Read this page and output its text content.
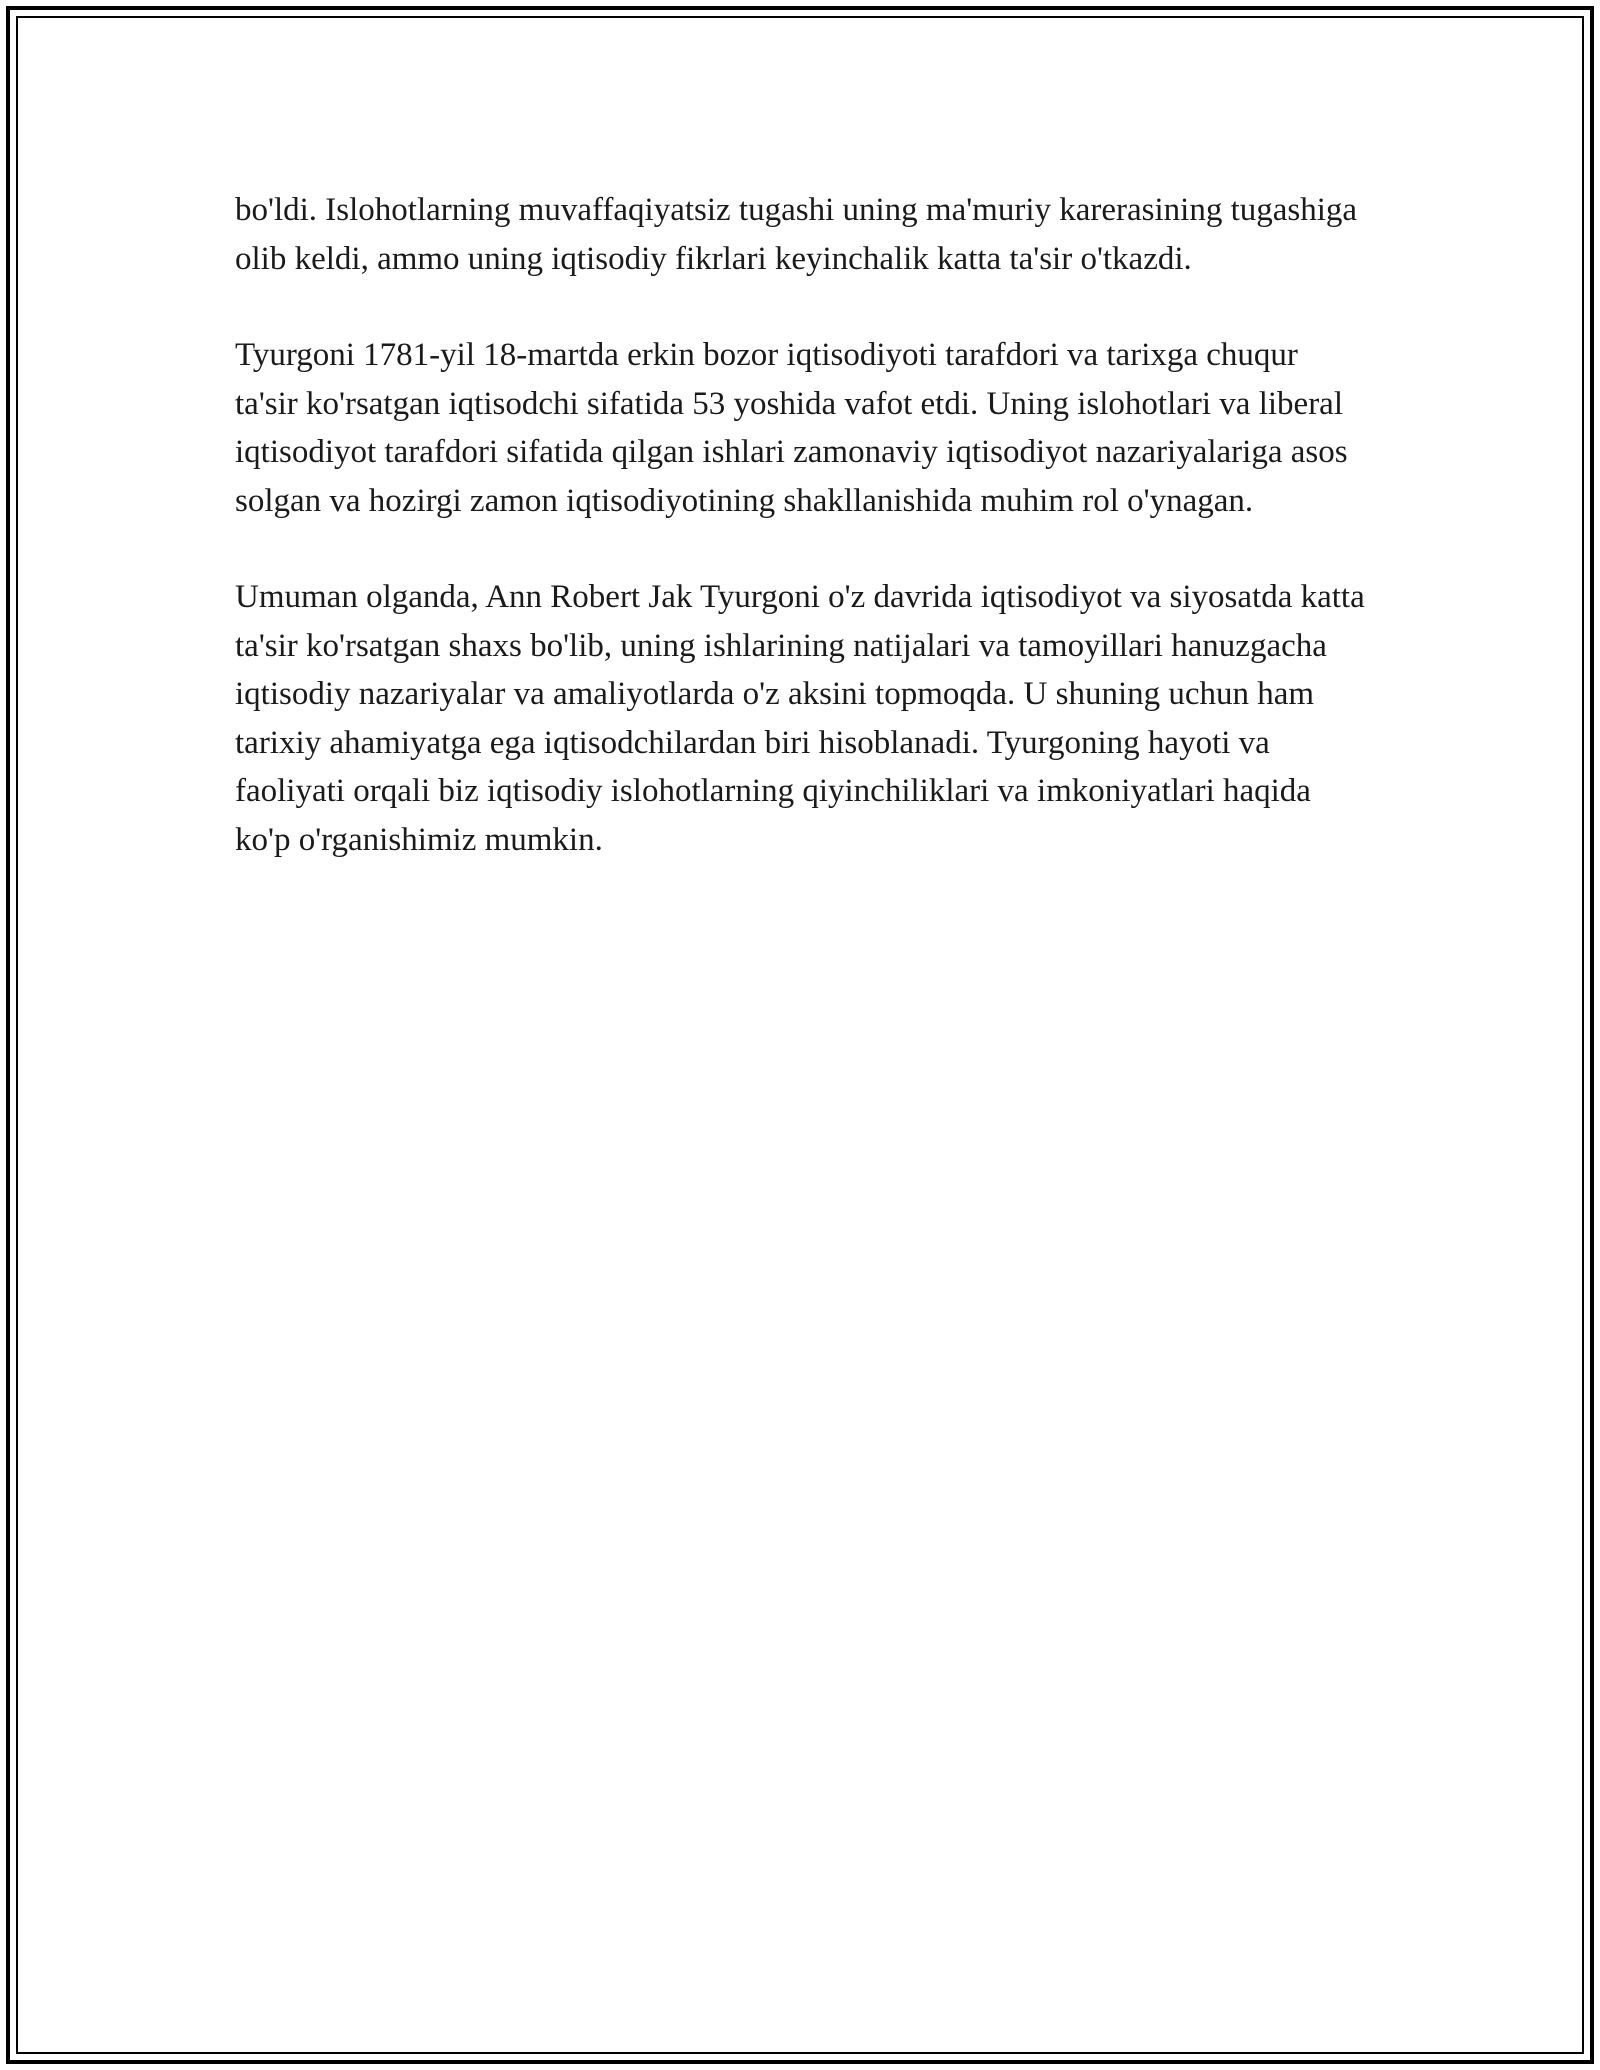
bo'ldi. Islohotlarning muvaffaqiyatsiz tugashi uning ma'muriy karerasining tugashiga olib keldi, ammo uning iqtisodiy fikrlari keyinchalik katta ta'sir o'tkazdi.

Tyurgoni 1781-yil 18-martda erkin bozor iqtisodiyoti tarafdori va tarixga chuqur ta'sir ko'rsatgan iqtisodchi sifatida 53 yoshida vafot etdi. Uning islohotlari va liberal iqtisodiyot tarafdori sifatida qilgan ishlari zamonaviy iqtisodiyot nazariyalariga asos solgan va hozirgi zamon iqtisodiyotining shakllanishida muhim rol o'ynagan.

Umuman olganda, Ann Robert Jak Tyurgoni o'z davrida iqtisodiyot va siyosatda katta ta'sir ko'rsatgan shaxs bo'lib, uning ishlarining natijalari va tamoyillari hanuzgacha iqtisodiy nazariyalar va amaliyotlarda o'z aksini topmoqda. U shuning uchun ham tarixiy ahamiyatga ega iqtisodchilardan biri hisoblanadi. Tyurgoning hayoti va faoliyati orqali biz iqtisodiy islohotlarning qiyinchiliklari va imkoniyatlari haqida ko'p o'rganishimiz mumkin.
